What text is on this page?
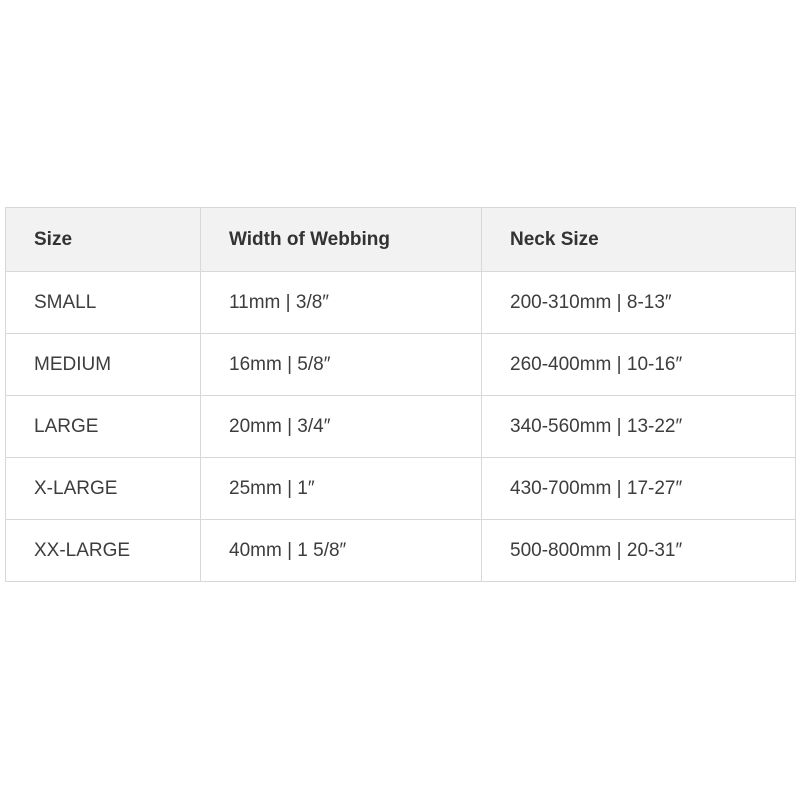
Size	Width of Webbing	Neck Size
SMALL	11mm | 3/8″	200-310mm | 8-13″
MEDIUM	16mm | 5/8″	260-400mm | 10-16″
LARGE	20mm | 3/4″	340-560mm | 13-22″
X-LARGE	25mm | 1″	430-700mm | 17-27″
XX-LARGE	40mm | 1 5/8″	500-800mm | 20-31″
